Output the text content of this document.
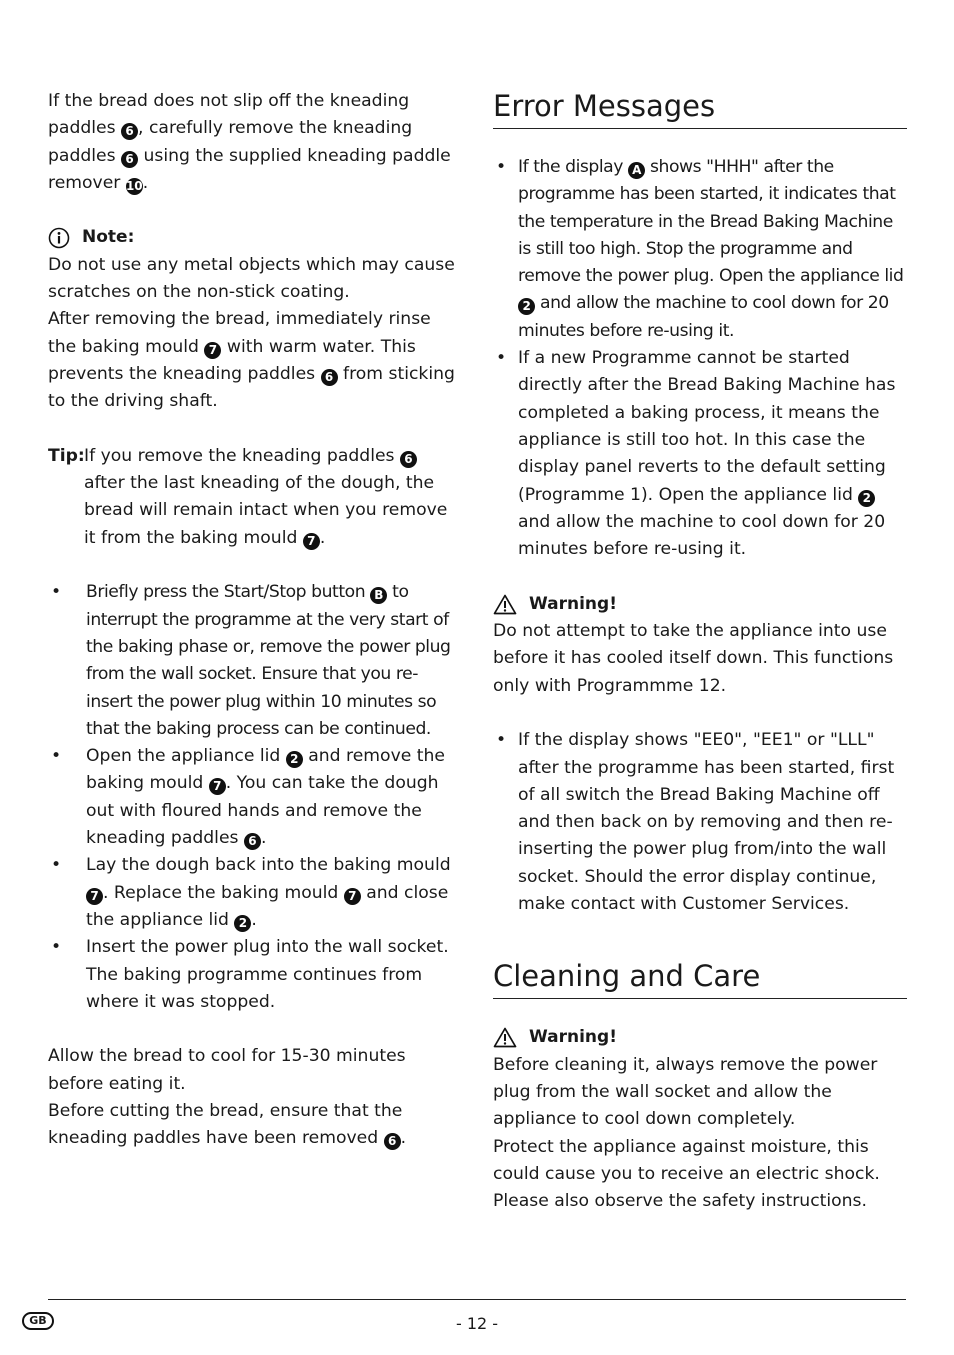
If the bread does not slip off the kneading paddles 6 , carefully remove the kneading paddles 6 using the supplied kneading paddle remover 10.

Note:

Do not use any metal objects which may cause scratches on the non-stick coating.

After removing the bread, immediately rinse the baking mould 7 with warm water. This prevents the kneading paddles 6 from sticking to the driving shaft.

Tip: If you remove the kneading paddles 6 after the last kneading of the dough, the bread will remain intact when you remove it from the baking mould 7 .
• Briefly press the Start/Stop button B to interrupt the programme at the very start of the baking phase or, remove the power plug from the wall socket. Ensure that you re-insert the power plug within 10 minutes so that the baking process can be continued.
• Open the appliance lid 2 and remove the baking mould 7 . You can take the dough out with floured hands and remove the kneading paddles 6 .
• Lay the dough back into the baking mould 7 . Replace the baking mould 7 and close the appliance lid 2 .
• Insert the power plug into the wall socket. The baking programme continues from where it was stopped.

Allow the bread to cool for 15-30 minutes before eating it.

Before cutting the bread, ensure that the kneading paddles have been removed 6 .

Error Messages
• If the display A shows "HHH" after the programme has been started, it indicates that the temperature in the Bread Baking Machine is still too high. Stop the programme and remove the power plug. Open the appliance lid 2 and allow the machine to cool down for 20 minutes before re-using it.
• If a new Programme cannot be started directly after the Bread Baking Machine has completed a baking process, it means the appliance is still too hot. In this case the display panel reverts to the default setting (Programme 1). Open the appliance lid 2 and allow the machine to cool down for 20 minutes before re-using it.
Warning!

Do not attempt to take the appliance into use before it has cooled itself down. This functions only with Programmme 12.

• If the display shows "EE0", "EE1" or "LLL" after the programme has been started, first of all switch the Bread Baking Machine off and then back on by removing and then re-inserting the power plug from/into the wall socket. Should the error display continue, make contact with Customer Services.
Cleaning and Care
Warning!

Before cleaning it, always remove the power plug from the wall socket and allow the appliance to cool down completely.

Protect the appliance against moisture, this could cause you to receive an electric shock.

Please also observe the safety instructions.

GB	- 12 -
